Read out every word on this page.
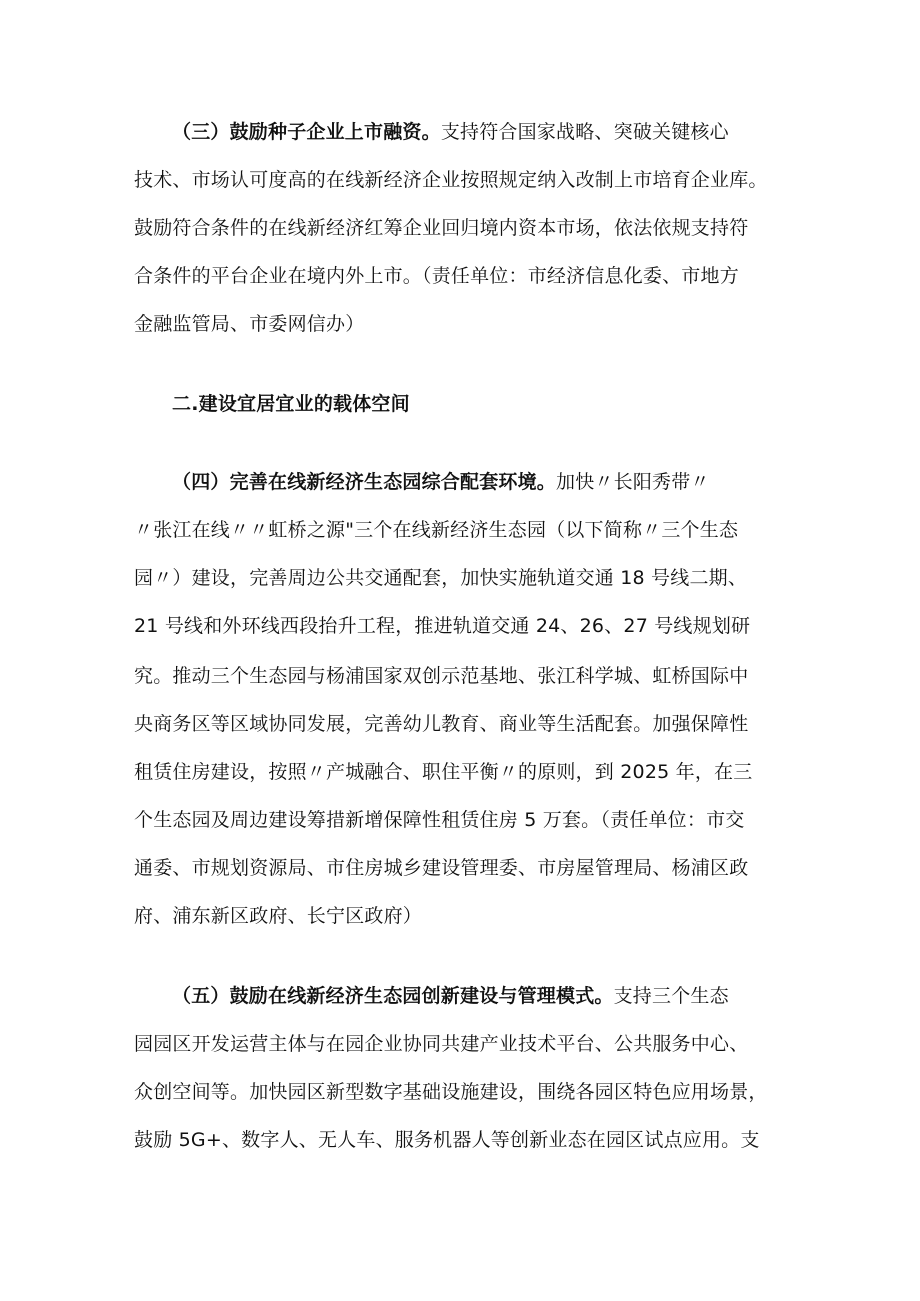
（三）鼓励种子企业上市融资。支持符合国家战略、突破关键核心
技术、市场认可度高的在线新经济企业按照规定纳入改制上市培育企业库。
鼓励符合条件的在线新经济红筹企业回归境内资本市场，依法依规支持符
合条件的平台企业在境内外上市。（责任单位：市经济信息化委、市地方
金融监管局、市委网信办）
二.建设宜居宜业的载体空间
（四）完善在线新经济生态园综合配套环境。加快〃长阳秀带〃
〃张江在线〃〃虹桥之源"三个在线新经济生态园（以下简称〃三个生态
园〃）建设，完善周边公共交通配套，加快实施轨道交通 18 号线二期、
21 号线和外环线西段抬升工程，推进轨道交通 24、26、27 号线规划研
究。推动三个生态园与杨浦国家双创示范基地、张江科学城、虹桥国际中
央商务区等区域协同发展，完善幼儿教育、商业等生活配套。加强保障性
租赁住房建设，按照〃产城融合、职住平衡〃的原则，到 2025 年，在三
个生态园及周边建设筹措新增保障性租赁住房 5 万套。（责任单位：市交
通委、市规划资源局、市住房城乡建设管理委、市房屋管理局、杨浦区政
府、浦东新区政府、长宁区政府）
（五）鼓励在线新经济生态园创新建设与管理模式。支持三个生态
园园区开发运营主体与在园企业协同共建产业技术平台、公共服务中心、
众创空间等。加快园区新型数字基础设施建设，围绕各园区特色应用场景，
鼓励 5G+、数字人、无人车、服务机器人等创新业态在园区试点应用。支
